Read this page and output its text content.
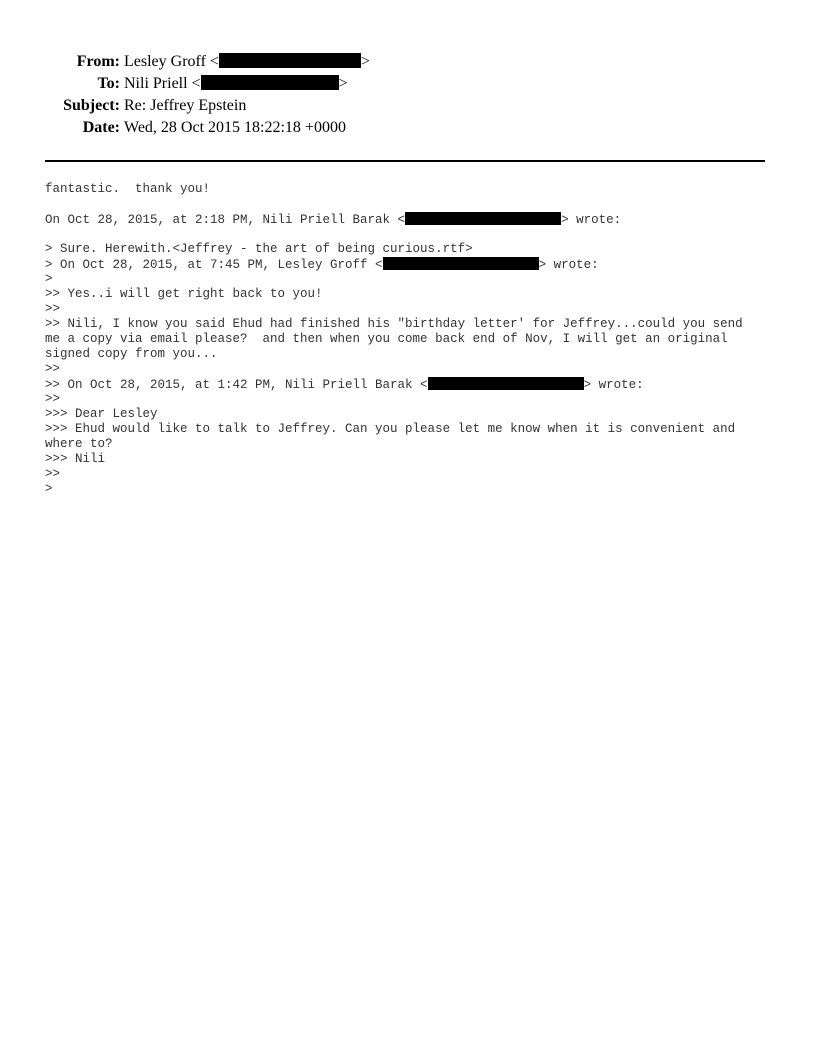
From: Lesley Groff <	>
To: Nili Priell <	>
Subject: Re: Jeffrey Epstein
Date: Wed, 28 Oct 2015 18:22:18 +0000
fantastic.  thank you!
On Oct 28, 2015, at 2:18 PM, Nili Priell Barak <	> wrote:
> Sure. Herewith.<Jeffrey - the art of being curious.rtf>
> On Oct 28, 2015, at 7:45 PM, Lesley Groff <	> wrote:
>
>> Yes..i will get right back to you!
>>
>> Nili, I know you said Ehud had finished his "birthday letter' for Jeffrey...could you send
me a copy via email please?  and then when you come back end of Nov, I will get an original
signed copy from you...
>>
>> On Oct 28, 2015, at 1:42 PM, Nili Priell Barak <	> wrote:
>>
>>> Dear Lesley
>>> Ehud would like to talk to Jeffrey. Can you please let me know when it is convenient and
where to?
>>> Nili
>>
>
